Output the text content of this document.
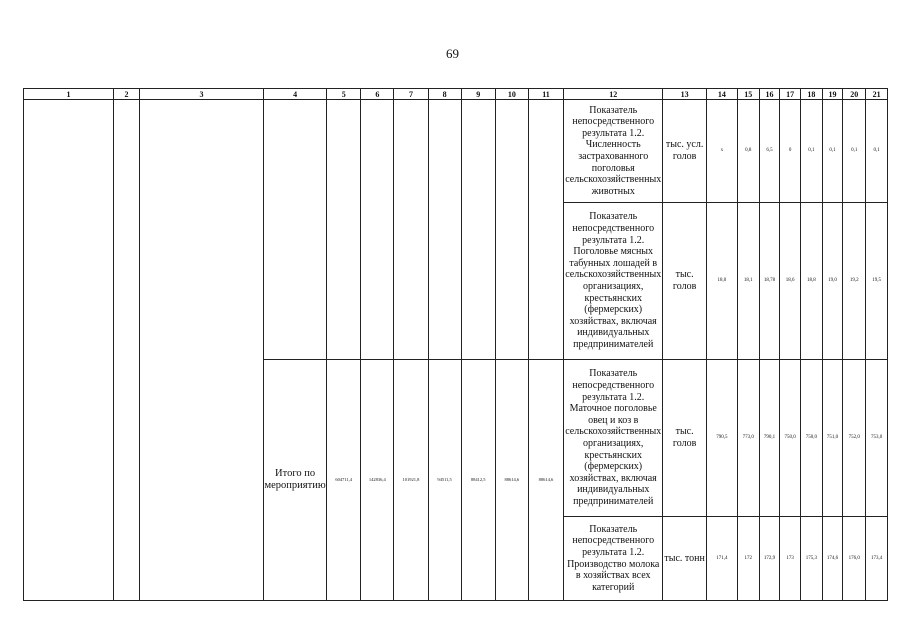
69
1	2	3	4	5	6	7	8	9	10	11	12	13	14	15	16	17	18	19	20	21
											Показатель непосредственного результата 1.2. Численность застрахованного поголовья сельскохозяйственных животных	тыс. усл. голов	x	0,8	6,5	0	0,1	0,1	0,1	0,1
											Показатель непосредственного результата 1.2. Поголовье мясных табунных лошадей в сельскохозяйственных организациях, крестьянских (фермерских) хозяйствах, включая индивидуальных предпринимателей	тыс. голов	18,0	18,1	18,78	18,6	18,8	19,0	19,2	19,5
			Итого по мероприятию	604711,4	142836,4	101921,8	94511,5	88412,5	88614,6	88614,6	Показатель непосредственного результата 1.2. Маточное поголовье овец и коз в сельскохозяйственных организациях, крестьянских (фермерских) хозяйствах, включая индивидуальных предпринимателей	тыс. голов	790,5	773,0	790,1	750,0	750,0	751,0	752,0	753,0
											Показатель непосредственного результата 1.2. Производство молока в хозяйствах всех категорий	тыс. тонн	171,4	172	172,9	173	175,3	174,6	176,0	173,4
